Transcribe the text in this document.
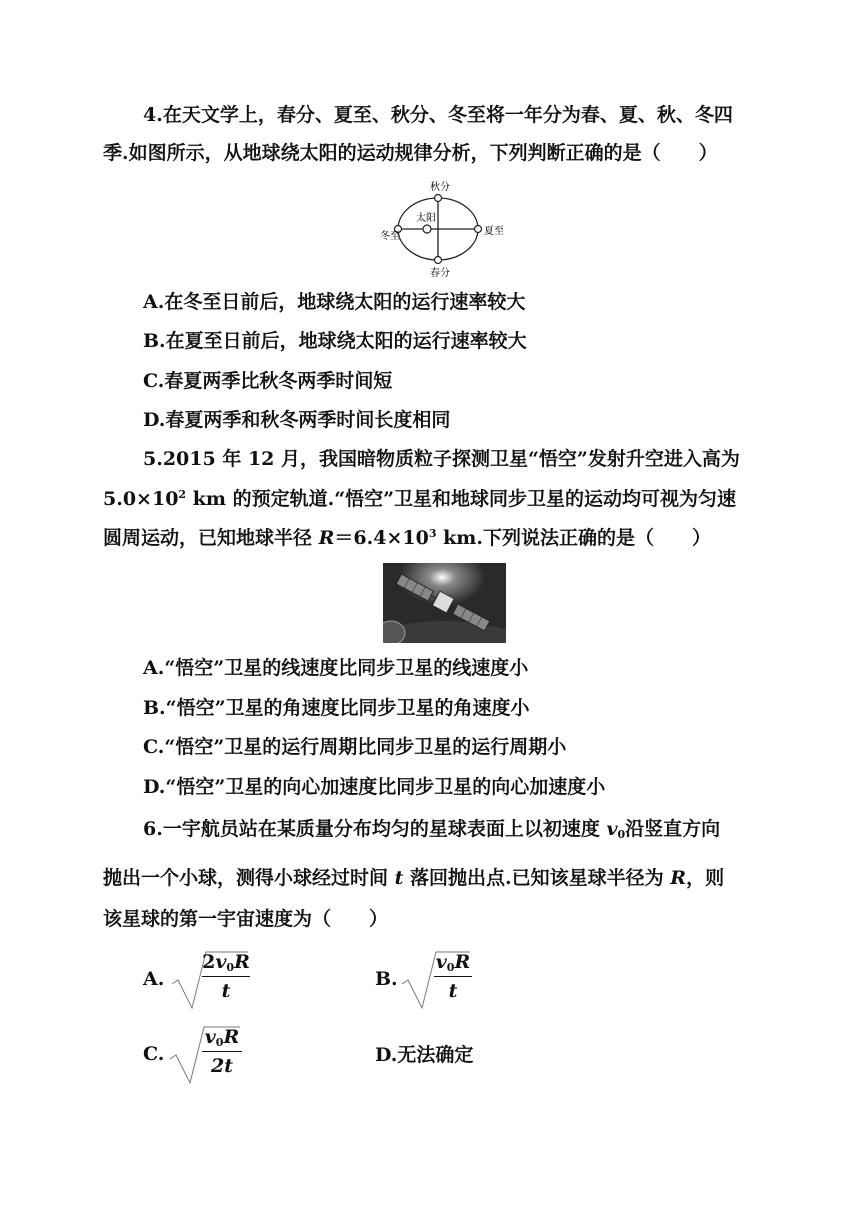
4.在天文学上，春分、夏至、秋分、冬至将一年分为春、夏、秋、冬四
季.如图所示，从地球绕太阳的运动规律分析，下列判断正确的是（　　）
秋分
春分
冬至	夏至
太阳
A.在冬至日前后，地球绕太阳的运行速率较大
B.在夏至日前后，地球绕太阳的运行速率较大
C.春夏两季比秋冬两季时间短
D.春夏两季和秋冬两季时间长度相同
5.2015 年 12 月，我国暗物质粒子探测卫星“悟空”发射升空进入高为
$5.0\times 10^2$ km 的预定轨道.“悟空”卫星和地球同步卫星的运动均可视为匀速
圆周运动，已知地球半径 $R=6.4\times 10^3$ km.下列说法正确的是（　　）
A.“悟空”卫星的线速度比同步卫星的线速度小
B.“悟空”卫星的角速度比同步卫星的角速度小
C.“悟空”卫星的运行周期比同步卫星的运行周期小
D.“悟空”卫星的向心加速度比同步卫星的向心加速度小
6.一宇航员站在某质量分布均匀的星球表面上以初速度 $v_0$沿竖直方向
抛出一个小球，测得小球经过时间 t 落回抛出点.已知该星球半径为 R，则
该星球的第一宇宙速度为（　　）
A.
$2v_0R$
t
B.
$v_0R$
t
C.
$v_0R$
2t	D.无法确定
